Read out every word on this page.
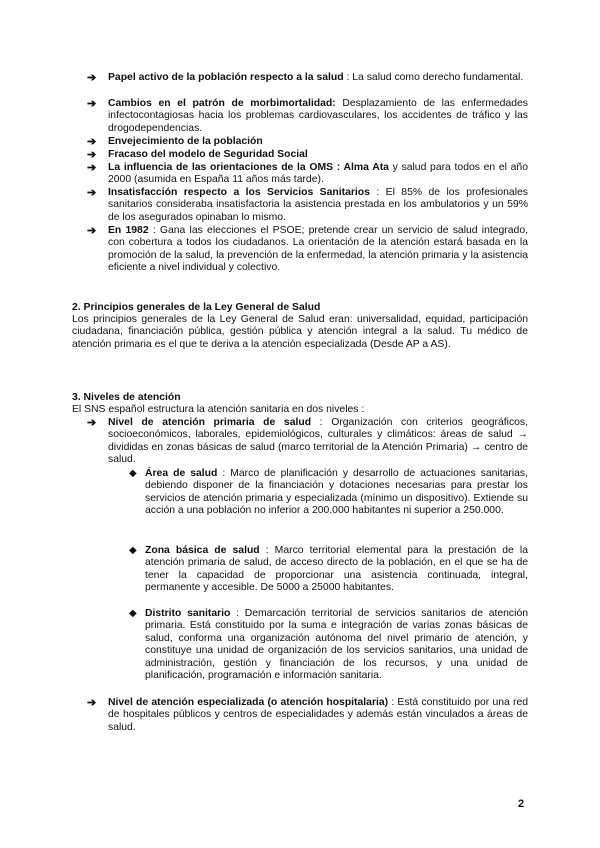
➔ Papel activo de la población respecto a la salud : La salud como derecho fundamental.
➔ Cambios en el patrón de morbimortalidad: Desplazamiento de las enfermedades infectocontagiosas hacia los problemas cardiovasculares, los accidentes de tráfico y las drogodependencias.
➔ Envejecimiento de la población
➔ Fracaso del modelo de Seguridad Social
➔ La influencia de las orientaciones de la OMS : Alma Ata y salud para todos en el año 2000 (asumida en España 11 años más tarde).
➔ Insatisfacción respecto a los Servicios Sanitarios : El 85% de los profesionales sanitarios consideraba insatisfactoria la asistencia prestada en los ambulatorios y un 59% de los asegurados opinaban lo mismo.
➔ En 1982 : Gana las elecciones el PSOE; pretende crear un servicio de salud integrado, con cobertura a todos los ciudadanos. La orientación de la atención estará basada en la promoción de la salud, la prevención de la enfermedad, la atención primaria y la asistencia eficiente a nivel individual y colectivo.
2. Principios generales de la Ley General de Salud
Los principios generales de la Ley General de Salud eran: universalidad, equidad, participación ciudadana, financiación pública, gestión pública y atención integral a la salud. Tu médico de atención primaria es el que te deriva a la atención especializada (Desde AP a AS).
3. Niveles de atención
El SNS español estructura la atención sanitaria en dos niveles :
➔ Nivel de atención primaria de salud : Organización con criterios geográficos, socioeconómicos, laborales, epidemiológicos, culturales y climáticos: áreas de salud → divididas en zonas básicas de salud (marco territorial de la Atención Primaria) → centro de salud.
◆ Área de salud : Marco de planificación y desarrollo de actuaciones sanitarias, debiendo disponer de la financiación y dotaciones necesarias para prestar los servicios de atención primaria y especializada (mínimo un dispositivo). Extiende su acción a una población no inferior a 200.000 habitantes ni superior a 250.000.
◆ Zona básica de salud : Marco territorial elemental para la prestación de la atención primaria de salud, de acceso directo de la población, en el que se ha de tener la capacidad de proporcionar una asistencia continuada, integral, permanente y accesible. De 5000 a 25000 habitantes.
◆ Distrito sanitario : Demarcación territorial de servicios sanitarios de atención primaria. Está constituido por la suma e integración de varias zonas básicas de salud, conforma una organización autónoma del nivel primario de atención, y constituye una unidad de organización de los servicios sanitarios, una unidad de administración, gestión y financiación de los recursos, y una unidad de planificación, programación e información sanitaria.
➔ Nivel de atención especializada (o atención hospitalaria) : Está constituido por una red de hospitales públicos y centros de especialidades y además están vinculados a áreas de salud.
2
